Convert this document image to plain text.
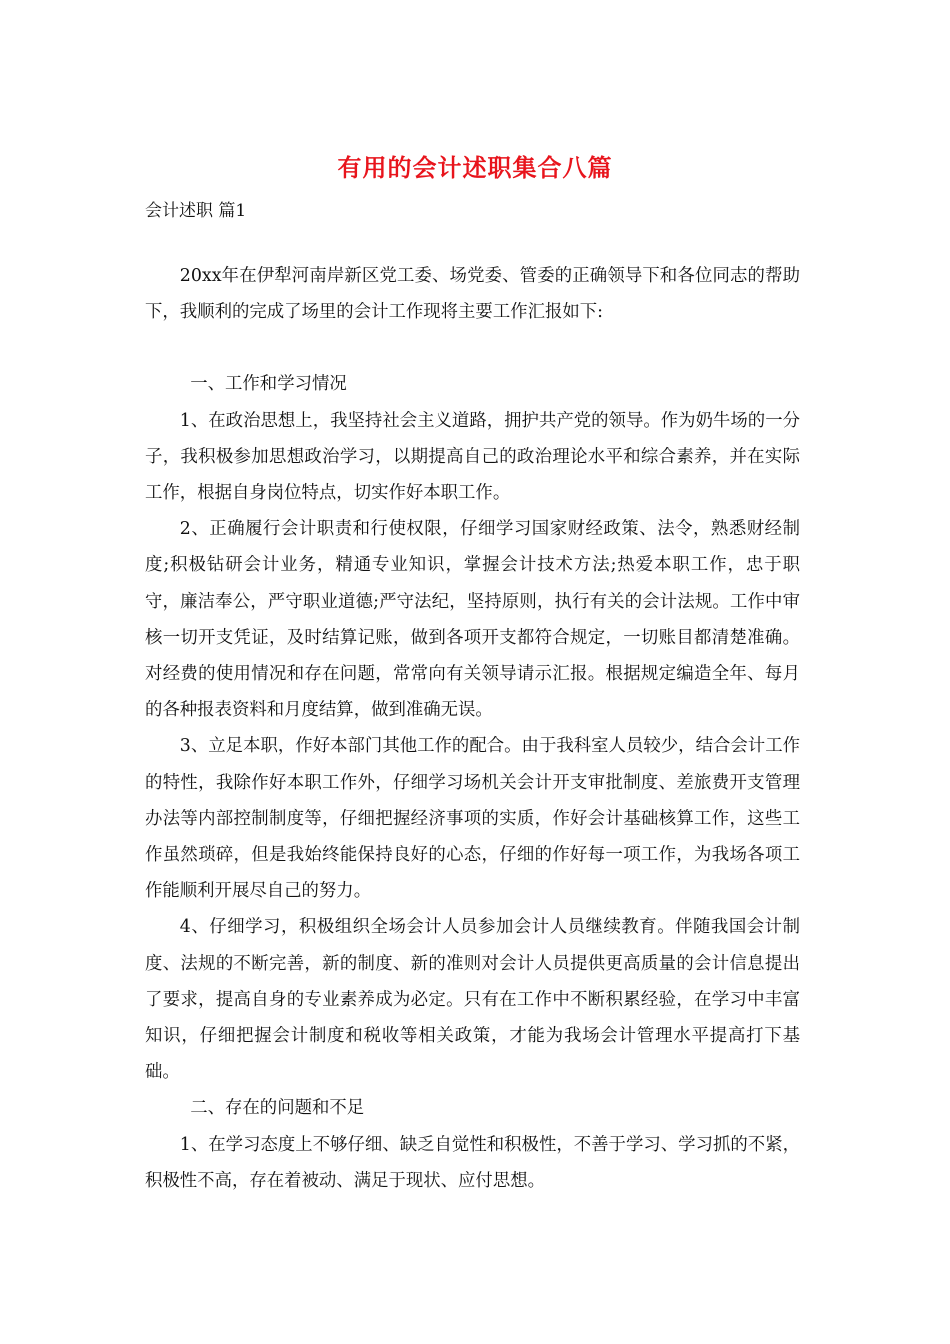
有用的会计述职集合八篇
会计述职 篇1

20xx年在伊犁河南岸新区党工委、场党委、管委的正确领导下和各位同志的帮助下，我顺利的完成了场里的会计工作现将主要工作汇报如下:

一、工作和学习情况

1、在政治思想上，我坚持社会主义道路，拥护共产党的领导。作为奶牛场的一分子，我积极参加思想政治学习，以期提高自己的政治理论水平和综合素养，并在实际工作，根据自身岗位特点，切实作好本职工作。

2、正确履行会计职责和行使权限，仔细学习国家财经政策、法令，熟悉财经制度;积极钻研会计业务，精通专业知识，掌握会计技术方法;热爱本职工作，忠于职守，廉洁奉公，严守职业道德;严守法纪，坚持原则，执行有关的会计法规。工作中审核一切开支凭证，及时结算记账，做到各项开支都符合规定，一切账目都清楚准确。对经费的使用情况和存在问题，常常向有关领导请示汇报。根据规定编造全年、每月的各种报表资料和月度结算，做到准确无误。

3、立足本职，作好本部门其他工作的配合。由于我科室人员较少，结合会计工作的特性，我除作好本职工作外，仔细学习场机关会计开支审批制度、差旅费开支管理办法等内部控制制度等，仔细把握经济事项的实质，作好会计基础核算工作，这些工作虽然琐碎，但是我始终能保持良好的心态，仔细的作好每一项工作，为我场各项工作能顺利开展尽自己的努力。

4、仔细学习，积极组织全场会计人员参加会计人员继续教育。伴随我国会计制度、法规的不断完善，新的制度、新的准则对会计人员提供更高质量的会计信息提出了要求，提高自身的专业素养成为必定。只有在工作中不断积累经验，在学习中丰富知识，仔细把握会计制度和税收等相关政策，才能为我场会计管理水平提高打下基础。

二、存在的问题和不足

1、在学习态度上不够仔细、缺乏自觉性和积极性，不善于学习、学习抓的不紧，积极性不高，存在着被动、满足于现状、应付思想。
